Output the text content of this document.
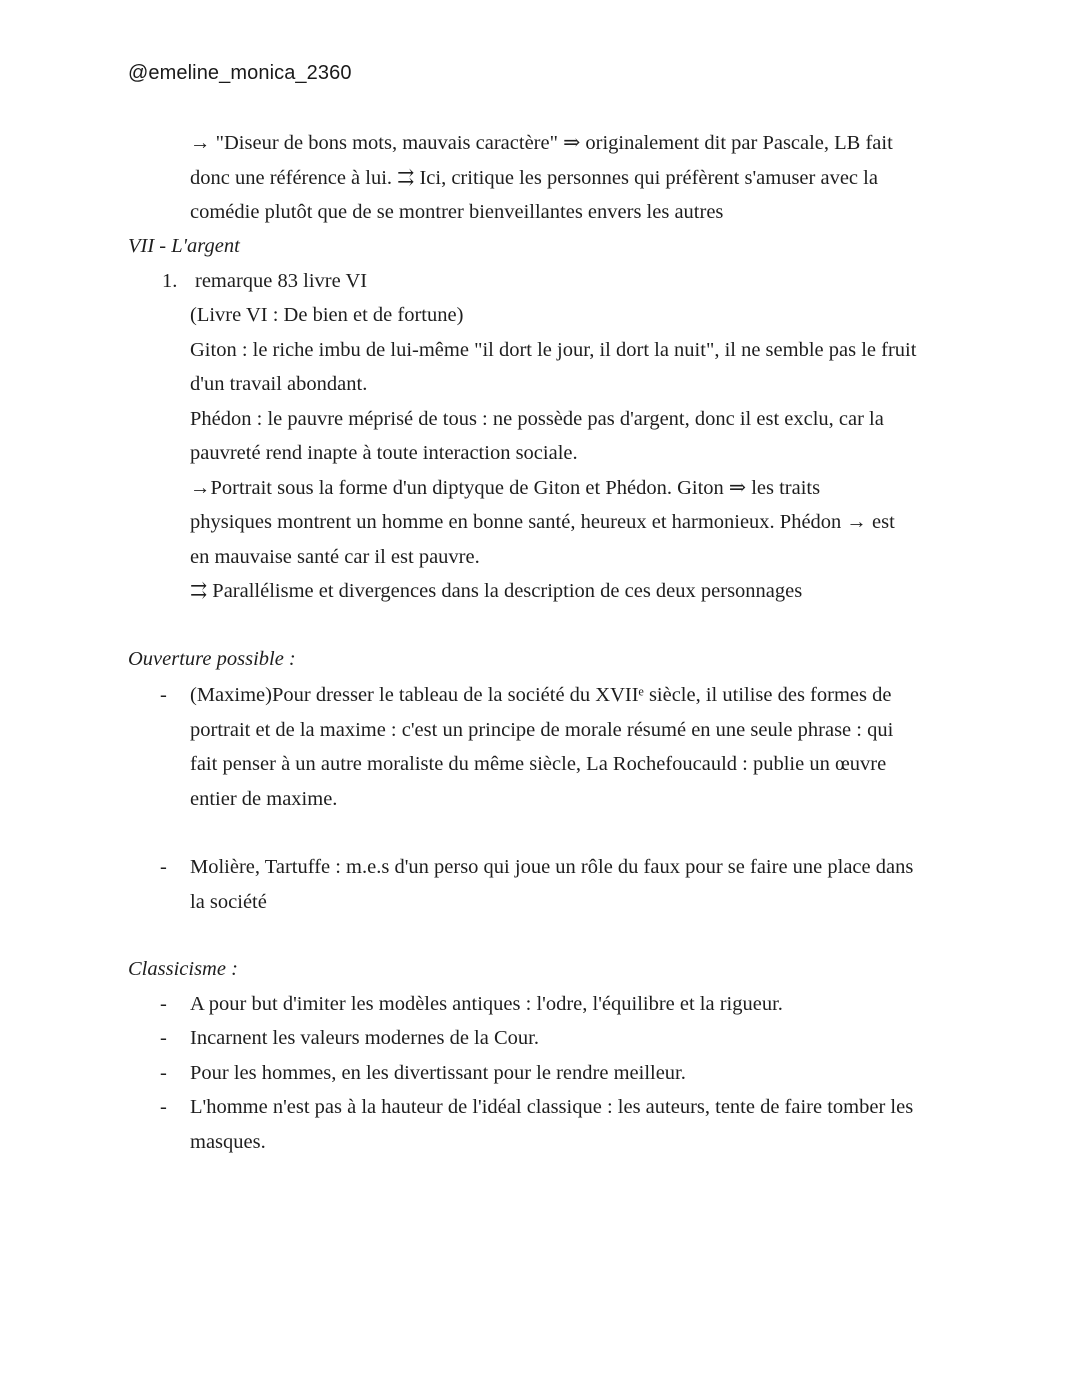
@emeline_monica_2360
→ "Diseur de bons mots, mauvais caractère" ⇒ originalement dit par Pascale, LB fait
donc une référence à lui. ⇉ Ici, critique les personnes qui préfèrent s'amuser avec la
comédie plutôt que de se montrer bienveillantes envers les autres
VII - L'argent
1. remarque 83 livre VI
(Livre VI : De bien et de fortune)
Giton : le riche imbu de lui-même "il dort le jour, il dort la nuit", il ne semble pas le fruit
d'un travail abondant.
Phédon : le pauvre méprisé de tous : ne possède pas d'argent, donc il est exclu, car la
pauvreté rend inapte à toute interaction sociale.
→Portrait sous la forme d'un diptyque de Giton et Phédon. Giton ⇒ les traits
physiques montrent un homme en bonne santé, heureux et harmonieux. Phédon → est
en mauvaise santé car il est pauvre.
⇉ Parallélisme et divergences dans la description de ces deux personnages
Ouverture possible :
- (Maxime)Pour dresser le tableau de la société du XVIIᵉ siècle, il utilise des formes de
portrait et de la maxime : c'est un principe de morale résumé en une seule phrase : qui
fait penser à un autre moraliste du même siècle, La Rochefoucauld : publie un œuvre
entier de maxime.
- Molière, Tartuffe : m.e.s d'un perso qui joue un rôle du faux pour se faire une place dans
la société
Classicisme :
- A pour but d'imiter les modèles antiques : l'odre, l'équilibre et la rigueur.
- Incarnent les valeurs modernes de la Cour.
- Pour les hommes, en les divertissant pour le rendre meilleur.
- L'homme n'est pas à la hauteur de l'idéal classique : les auteurs, tente de faire tomber les
masques.
